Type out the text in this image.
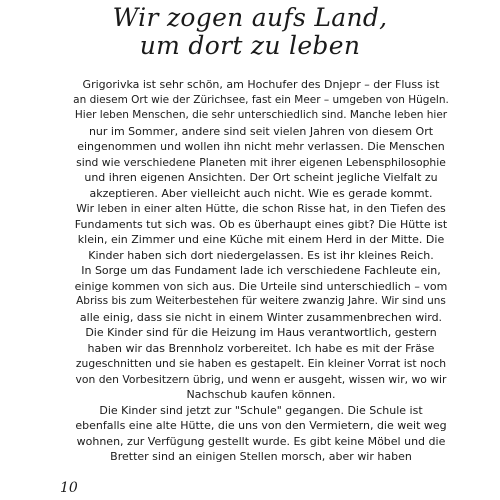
Wir zogen aufs Land,
um dort zu leben
Grigorivka ist sehr schön, am Hochufer des Dnjepr – der Fluss ist
an diesem Ort wie der Zürichsee, fast ein Meer – umgeben von Hügeln.
Hier leben Menschen, die sehr unterschiedlich sind. Manche leben hier
nur im Sommer, andere sind seit vielen Jahren von diesem Ort
eingenommen und wollen ihn nicht mehr verlassen. Die Menschen
sind wie verschiedene Planeten mit ihrer eigenen Lebensphilosophie
und ihren eigenen Ansichten. Der Ort scheint jegliche Vielfalt zu
akzeptieren. Aber vielleicht auch nicht. Wie es gerade kommt.
Wir leben in einer alten Hütte, die schon Risse hat, in den Tiefen des
Fundaments tut sich was. Ob es überhaupt eines gibt? Die Hütte ist
klein, ein Zimmer und eine Küche mit einem Herd in der Mitte. Die
Kinder haben sich dort niedergelassen. Es ist ihr kleines Reich.
In Sorge um das Fundament lade ich verschiedene Fachleute ein,
einige kommen von sich aus. Die Urteile sind unterschiedlich – vom
Abriss bis zum Weiterbestehen für weitere zwanzig Jahre. Wir sind uns
alle einig, dass sie nicht in einem Winter zusammenbrechen wird.
Die Kinder sind für die Heizung im Haus verantwortlich, gestern
haben wir das Brennholz vorbereitet. Ich habe es mit der Fräse
zugeschnitten und sie haben es gestapelt. Ein kleiner Vorrat ist noch
von den Vorbesitzern übrig, und wenn er ausgeht, wissen wir, wo wir
Nachschub kaufen können.
Die Kinder sind jetzt zur "Schule" gegangen. Die Schule ist
ebenfalls eine alte Hütte, die uns von den Vermietern, die weit weg
wohnen, zur Verfügung gestellt wurde. Es gibt keine Möbel und die
Bretter sind an einigen Stellen morsch, aber wir haben
10
